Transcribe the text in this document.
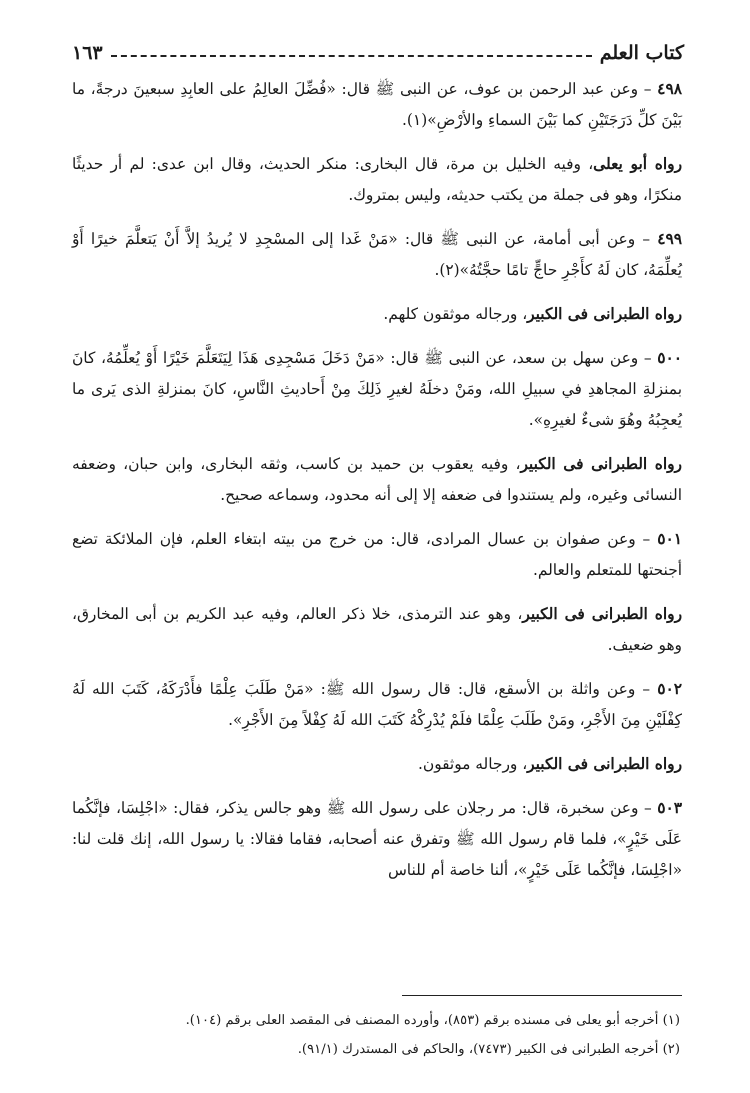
١٦٣	كتاب العلم

٤٩٨ – وعن عبد الرحمن بن عوف، عن النبى ﷺ قال: «فُضِّلَ العالِمُ على العابِدِ سبعينَ درجةً، ما بَيْنَ كلِّ دَرَجَتَيْنِ كما بَيْنَ السماءِ والأرْضِ»(١).

رواه أبو يعلى، وفيه الخليل بن مرة، قال البخارى: منكر الحديث، وقال ابن عدى: لم أر حديثًا منكرًا، وهو فى جملة من يكتب حديثه، وليس بمتروك.

٤٩٩ – وعن أبى أمامة، عن النبى ﷺ قال: «مَنْ غَدا إلى المسْجِدِ لا يُريدُ إلاَّ أَنْ يَتعلَّمَ خيرًا أَوْ يُعلِّمَهُ، كان لَهُ كأَجْرِ حاجٍّ تامًا حجَّتُهُ»(٢).

رواه الطبرانى فى الكبير، ورجاله موثقون كلهم.

٥٠٠ – وعن سهل بن سعد، عن النبى ﷺ قال: «مَنْ دَخَلَ مَسْجِدِى هَذَا لِيَتَعَلَّمَ خَيْرًا أَوْ يُعلِّمُهُ، كانَ بمنزلةِ المجاهدِ في سبيلِ الله، ومَنْ دخلَهُ لغيرِ ذَلِكَ مِنْ أَحاديثِ النَّاسِ، كانَ بمنزلةِ الذى يَرى ما يُعجِبُهُ وهُوَ شىءٌ لغيرِهِ».

رواه الطبرانى فى الكبير، وفيه يعقوب بن حميد بن كاسب، وثقه البخارى، وابن حبان، وضعفه النسائى وغيره، ولم يستندوا فى ضعفه إلا إلى أنه محدود، وسماعه صحيح.

٥٠١ – وعن صفوان بن عسال المرادى، قال: من خرج من بيته ابتغاء العلم، فإن الملائكة تضع أجنحتها للمتعلم والعالم.

رواه الطبرانى فى الكبير، وهو عند الترمذى، خلا ذكر العالم، وفيه عبد الكريم بن أبى المخارق، وهو ضعيف.

٥٠٢ – وعن واثلة بن الأسقع، قال: قال رسول الله ﷺ: «مَنْ طَلَبَ عِلْمًا فأَدْرَكَهُ، كَتَبَ الله لَهُ كِفْلَيْنِ مِنَ الأَجْرِ، ومَنْ طَلَبَ عِلْمًا فلَمْ يُدْرِكْهُ كَتَبَ الله لَهُ كِفْلاً مِنَ الأَجْرِ».

رواه الطبرانى فى الكبير، ورجاله موثقون.

٥٠٣ – وعن سخبرة، قال: مر رجلان على رسول الله ﷺ وهو جالس يذكر، فقال: «اجْلِسَا، فإنَّكُما عَلَى خَيْرٍ»، فلما قام رسول الله ﷺ وتفرق عنه أصحابه، فقاما فقالا: يا رسول الله، إنك قلت لنا: «اجْلِسَا، فإنَّكُما عَلَى خَيْرٍ»، ألنا خاصة أم للناس

(١) أخرجه أبو يعلى فى مسنده برقم (٨٥٣)، وأورده المصنف فى المقصد العلى برقم (١٠٤).

(٢) أخرجه الطبرانى فى الكبير (٧٤٧٣)، والحاكم فى المستدرك (٩١/١).
